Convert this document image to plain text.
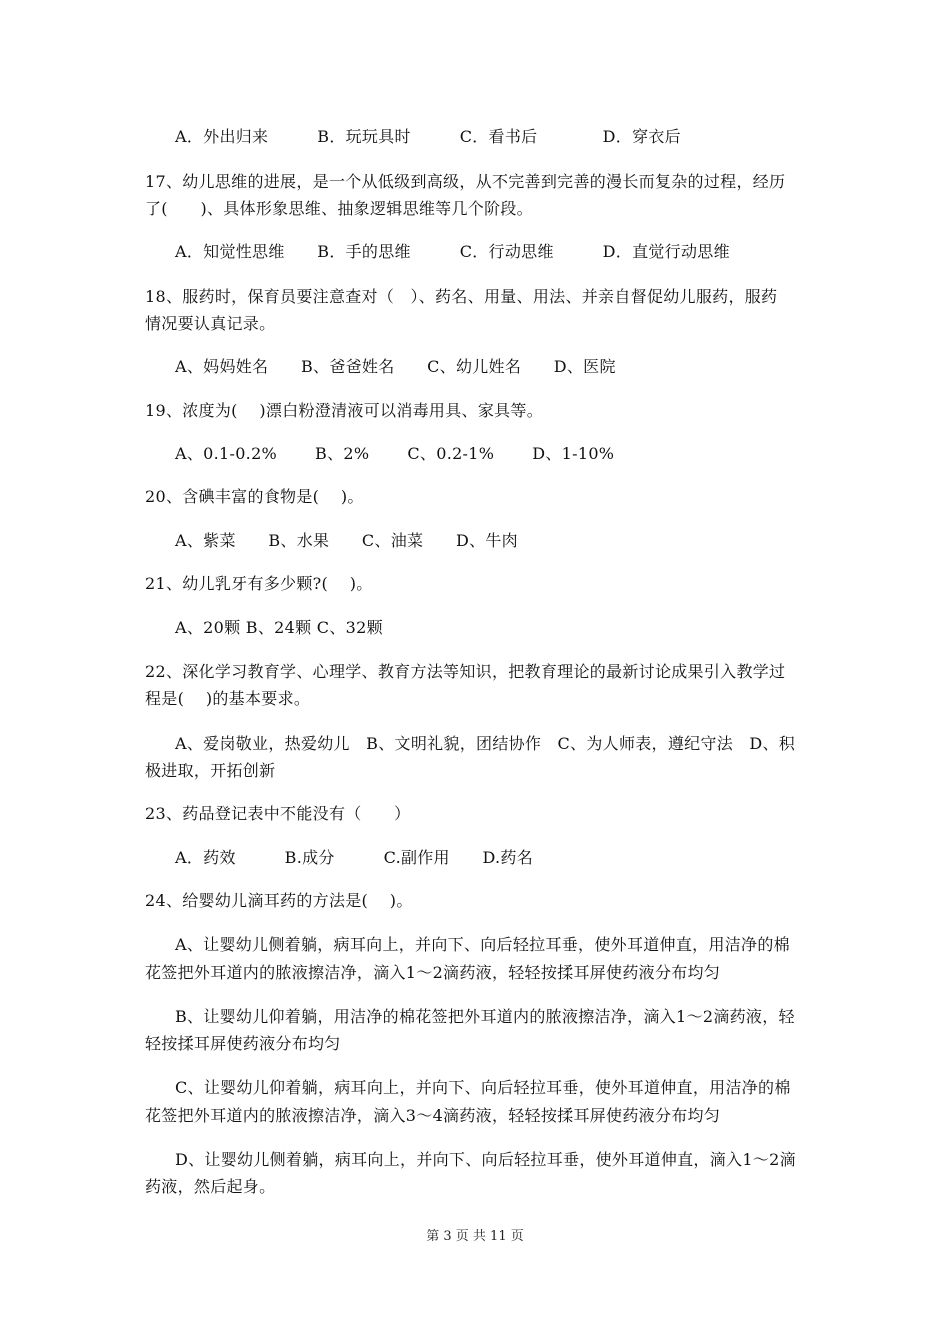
A．外出归来　　　B．玩玩具时　　　C．看书后　　　　D．穿衣后
17、幼儿思维的进展，是一个从低级到高级，从不完善到完善的漫长而复杂的过程，经历
了(　　)、具体形象思维、抽象逻辑思维等几个阶段。
A．知觉性思维　　B．手的思维　　　C．行动思维　　　D．直觉行动思维
18、服药时，保育员要注意查对（　）、药名、用量、用法、并亲自督促幼儿服药，服药
情况要认真记录。
A、妈妈姓名　　B、爸爸姓名　　C、幼儿姓名　　D、医院
19、浓度为(　 )漂白粉澄清液可以消毒用具、家具等。
A、0.1-0.2%　　 B、2%　　 C、0.2-1%　　 D、1-10%
20、含碘丰富的食物是(　 )。
A、紫菜　　B、水果　　C、油菜　　D、牛肉
21、幼儿乳牙有多少颗?(　 )。
A、20颗 B、24颗 C、32颗
22、深化学习教育学、心理学、教育方法等知识，把教育理论的最新讨论成果引入教学过
程是(　 )的基本要求。
A、爱岗敬业，热爱幼儿　B、文明礼貌，团结协作　C、为人师表，遵纪守法　D、积
极进取，开拓创新
23、药品登记表中不能没有（　　）
A．药效　　　B.成分　　　C.副作用　　D.药名
24、给婴幼儿滴耳药的方法是(　 )。
A、让婴幼儿侧着躺，病耳向上，并向下、向后轻拉耳垂，使外耳道伸直，用洁净的棉
花签把外耳道内的脓液擦洁净，滴入1～2滴药液，轻轻按揉耳屏使药液分布均匀
B、让婴幼儿仰着躺，用洁净的棉花签把外耳道内的脓液擦洁净，滴入1～2滴药液，轻
轻按揉耳屏使药液分布均匀
C、让婴幼儿仰着躺，病耳向上，并向下、向后轻拉耳垂，使外耳道伸直，用洁净的棉
花签把外耳道内的脓液擦洁净，滴入3～4滴药液，轻轻按揉耳屏使药液分布均匀
D、让婴幼儿侧着躺，病耳向上，并向下、向后轻拉耳垂，使外耳道伸直，滴入1～2滴
药液，然后起身。
第 3 页 共 11 页
